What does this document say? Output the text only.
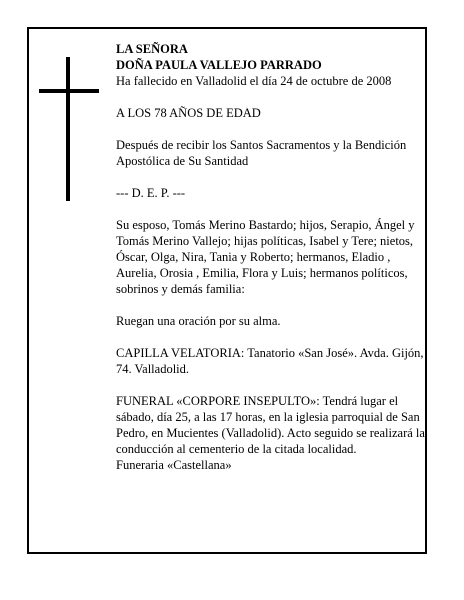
LA SEÑORA

DOÑA PAULA VALLEJO PARRADO

Ha fallecido en Valladolid el día 24 de octubre de 2008

A LOS 78 AÑOS DE EDAD

Después de recibir los Santos Sacramentos y la Bendición Apostólica de Su Santidad

--- D. E. P. ---

Su esposo, Tomás Merino Bastardo; hijos, Serapio, Ángel y Tomás Merino Vallejo; hijas políticas, Isabel y Tere; nietos, Óscar, Olga, Nira, Tania y Roberto; hermanos, Eladio , Aurelia, Orosia , Emilia, Flora y Luis; hermanos políticos, sobrinos y demás familia:

Ruegan una oración por su alma.

CAPILLA VELATORIA: Tanatorio «San José». Avda. Gijón, 74. Valladolid.

FUNERAL «CORPORE INSEPULTO»: Tendrá lugar el sábado, día 25, a las 17 horas, en la iglesia parroquial de San Pedro, en Mucientes (Valladolid). Acto seguido se realizará la conducción al cementerio de la citada localidad.

Funeraria «Castellana»
